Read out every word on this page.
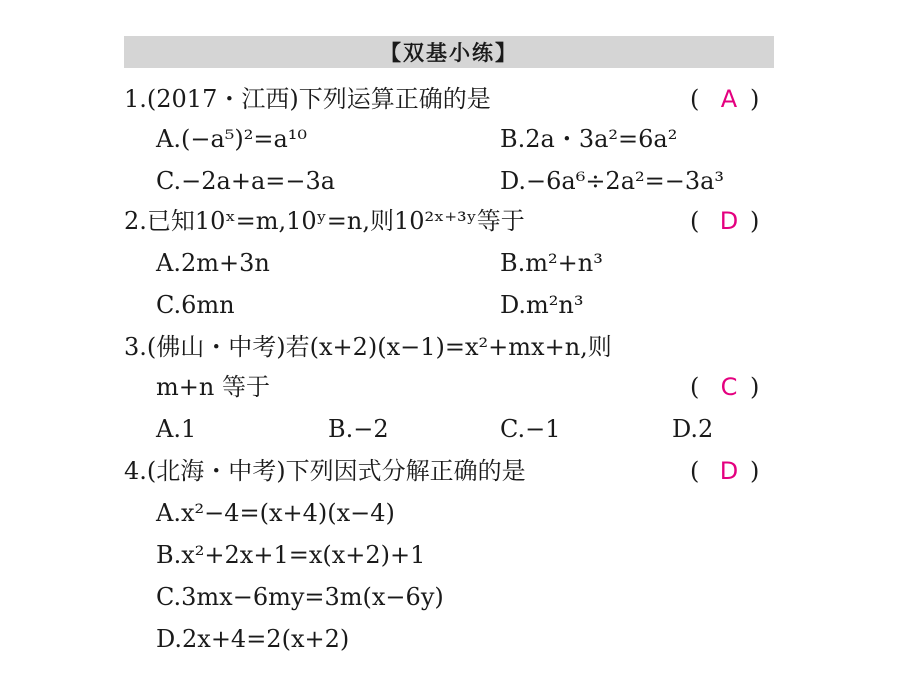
【双基小练】
1.(2017・江西)下列运算正确的是	( A )
A.(−a⁵)²=a¹⁰	B.2a・3a²=6a²
C.−2a+a=−3a	D.−6a⁶÷2a²=−3a³
2.已知10ˣ=m,10ʸ=n,则10²ˣ⁺³ʸ等于	( D )
A.2m+3n	B.m²+n³
C.6mn	D.m²n³
3.(佛山・中考)若(x+2)(x−1)=x²+mx+n,则
m+n 等于	( C )
A.1	B.−2	C.−1	D.2
4.(北海・中考)下列因式分解正确的是	( D )
A.x²−4=(x+4)(x−4)
B.x²+2x+1=x(x+2)+1
C.3mx−6my=3m(x−6y)
D.2x+4=2(x+2)
